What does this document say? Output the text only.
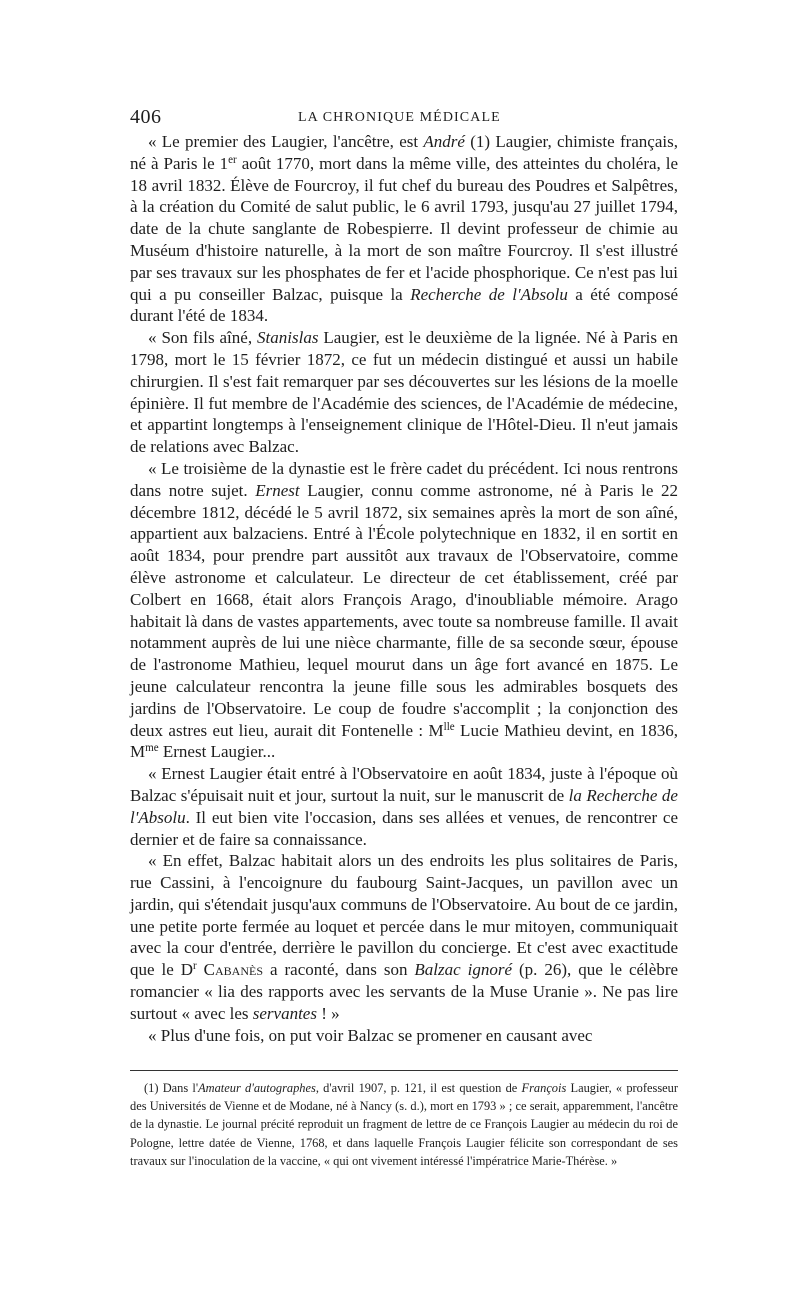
406	LA CHRONIQUE MÉDICALE

« Le premier des Laugier, l'ancêtre, est André (1) Laugier, chimiste français, né à Paris le 1er août 1770, mort dans la même ville, des atteintes du choléra, le 18 avril 1832. Élève de Fourcroy, il fut chef du bureau des Poudres et Salpêtres, à la création du Comité de salut public, le 6 avril 1793, jusqu'au 27 juillet 1794, date de la chute sanglante de Robespierre. Il devint professeur de chimie au Muséum d'histoire naturelle, à la mort de son maître Fourcroy. Il s'est illustré par ses travaux sur les phosphates de fer et l'acide phosphorique. Ce n'est pas lui qui a pu conseiller Balzac, puisque la Recherche de l'Absolu a été composé durant l'été de 1834.

« Son fils aîné, Stanislas Laugier, est le deuxième de la lignée. Né à Paris en 1798, mort le 15 février 1872, ce fut un médecin distingué et aussi un habile chirurgien. Il s'est fait remarquer par ses découvertes sur les lésions de la moelle épinière. Il fut membre de l'Académie des sciences, de l'Académie de médecine, et appartint longtemps à l'enseignement clinique de l'Hôtel-Dieu. Il n'eut jamais de relations avec Balzac.

« Le troisième de la dynastie est le frère cadet du précédent. Ici nous rentrons dans notre sujet. Ernest Laugier, connu comme astronome, né à Paris le 22 décembre 1812, décédé le 5 avril 1872, six semaines après la mort de son aîné, appartient aux balzaciens. Entré à l'École polytechnique en 1832, il en sortit en août 1834, pour prendre part aussitôt aux travaux de l'Observatoire, comme élève astronome et calculateur. Le directeur de cet établissement, créé par Colbert en 1668, était alors François Arago, d'inoubliable mémoire. Arago habitait là dans de vastes appartements, avec toute sa nombreuse famille. Il avait notamment auprès de lui une nièce charmante, fille de sa seconde sœur, épouse de l'astronome Mathieu, lequel mourut dans un âge fort avancé en 1875. Le jeune calculateur rencontra la jeune fille sous les admirables bosquets des jardins de l'Observatoire. Le coup de foudre s'accomplit ; la conjonction des deux astres eut lieu, aurait dit Fontenelle : $M^{lle}$ Lucie Mathieu devint, en 1836, $M^{me}$ Ernest Laugier...

« Ernest Laugier était entré à l'Observatoire en août 1834, juste à l'époque où Balzac s'épuisait nuit et jour, surtout la nuit, sur le manuscrit de la Recherche de l'Absolu. Il eut bien vite l'occasion, dans ses allées et venues, de rencontrer ce dernier et de faire sa connaissance.

« En effet, Balzac habitait alors un des endroits les plus solitaires de Paris, rue Cassini, à l'encoignure du faubourg Saint-Jacques, un pavillon avec un jardin, qui s'étendait jusqu'aux communs de l'Observatoire. Au bout de ce jardin, une petite porte fermée au loquet et percée dans le mur mitoyen, communiquait avec la cour d'entrée, derrière le pavillon du concierge. Et c'est avec exactitude que le $D^r$ Cabanès a raconté, dans son Balzac ignoré (p. 26), que le célèbre romancier « lia des rapports avec les servants de la Muse Uranie ». Ne pas lire surtout « avec les servantes ! »

« Plus d'une fois, on put voir Balzac se promener en causant avec

(1) Dans l'Amateur d'autographes, d'avril 1907, p. 121, il est question de François Laugier, « professeur des Universités de Vienne et de Modane, né à Nancy (s. d.), mort en 1793 » ; ce serait, apparemment, l'ancêtre de la dynastie. Le journal précité reproduit un fragment de lettre de ce François Laugier au médecin du roi de Pologne, lettre datée de Vienne, 1768, et dans laquelle François Laugier félicite son correspondant de ses travaux sur l'inoculation de la vaccine, « qui ont vivement intéressé l'impératrice Marie-Thérèse. »
